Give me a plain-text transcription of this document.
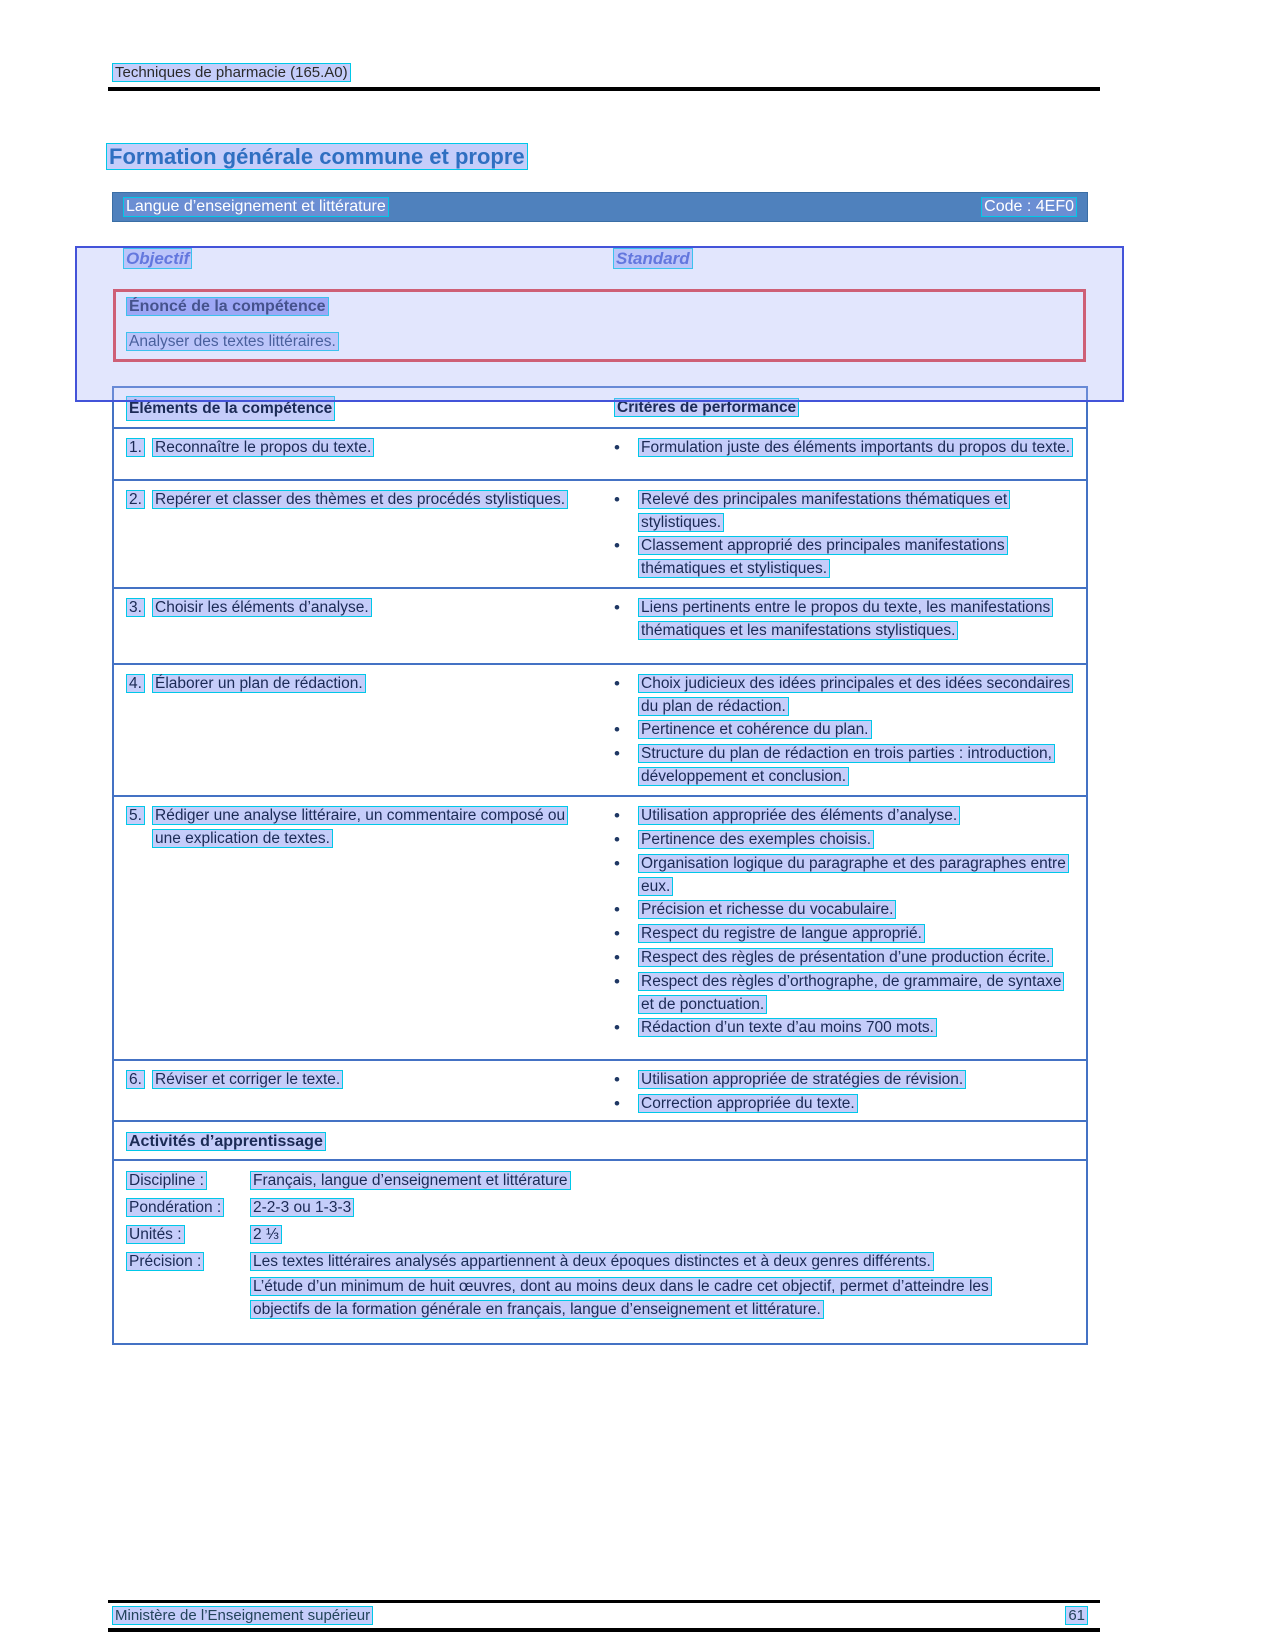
Techniques de pharmacie (165.A0)
Formation générale commune et propre
Langue d’enseignement et littérature	Code : 4EF0
Objectif	Standard
Énoncé de la compétence
Analyser des textes littéraires.
Éléments de la compétence	Critères de performance
1. Reconnaître le propos du texte. •	Formulation juste des éléments importants du propos du texte.
2. Repérer et classer des thèmes et des procédés stylistiques. •	Relevé des principales manifestations thématiques et stylistiques.
•
Classement approprié des principales manifestations thématiques et stylistiques.
3. Choisir les éléments d’analyse. •	Liens pertinents entre le propos du texte, les manifestations thématiques et les manifestations stylistiques.
4. Élaborer un plan de rédaction. •	Choix judicieux des idées principales et des idées secondaires du plan de rédaction.
•
Pertinence et cohérence du plan.
•
Structure du plan de rédaction en trois parties : introduction, développement et conclusion.
5. Rédiger une analyse littéraire, un commentaire composé ou une explication de textes.
•
Utilisation appropriée des éléments d’analyse.
•
Pertinence des exemples choisis.
•
Organisation logique du paragraphe et des paragraphes entre eux.
•
Précision et richesse du vocabulaire.
•
Respect du registre de langue approprié.
•
Respect des règles de présentation d’une production écrite.
•
Respect des règles d’orthographe, de grammaire, de syntaxe et de ponctuation.
•
Rédaction d’un texte d’au moins 700 mots.
6. Réviser et corriger le texte. •	Utilisation appropriée de stratégies de révision.
•
Correction appropriée du texte.
Activités d’apprentissage
Discipline :	Français, langue d’enseignement et littérature
Pondération :	2-2-3 ou 1-3-3
Unités :	2 ⅓
Précision :	Les textes littéraires analysés appartiennent à deux époques distinctes et à deux genres différents.
L’étude d’un minimum de huit œuvres, dont au moins deux dans le cadre cet objectif, permet d’atteindre les objectifs de la formation générale en français, langue d’enseignement et littérature.
Ministère de l’Enseignement supérieur	61
